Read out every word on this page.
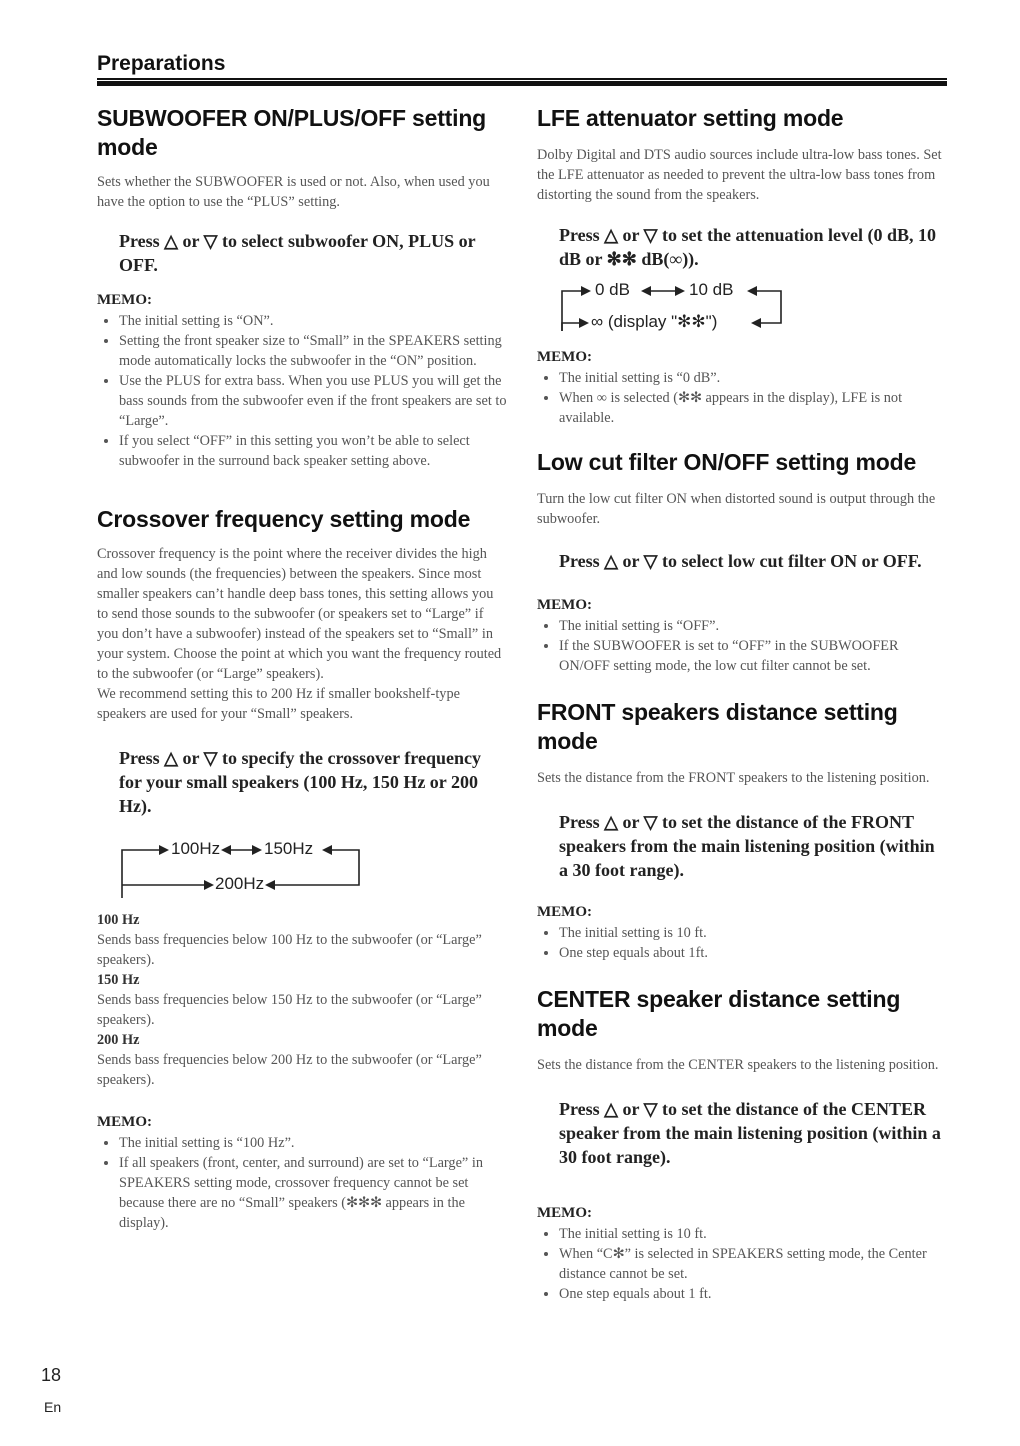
Preparations
SUBWOOFER ON/PLUS/OFF setting mode

Sets whether the SUBWOOFER is used or not. Also, when used you have the option to use the “PLUS” setting.

Press △ or ▽ to select subwoofer ON, PLUS or OFF.

MEMO:
• The initial setting is “ON”.
• Setting the front speaker size to “Small” in the SPEAKERS setting mode automatically locks the subwoofer in the “ON” position.
• Use the PLUS for extra bass. When you use PLUS you will get the bass sounds from the subwoofer even if the front speakers are set to “Large”.
• If you select “OFF” in this setting you won’t be able to select subwoofer in the surround back speaker setting above.
Crossover frequency setting mode

Crossover frequency is the point where the receiver divides the high and low sounds (the frequencies) between the speakers. Since most smaller speakers can’t handle deep bass tones, this setting allows you to send those sounds to the subwoofer (or speakers set to “Large” if you don’t have a subwoofer) instead of the speakers set to “Small” in your system. Choose the point at which you want the frequency routed to the subwoofer (or “Large” speakers).

We recommend setting this to 200 Hz if smaller bookshelf-type speakers are used for your “Small” speakers.

Press △ or ▽ to specify the crossover frequency for your small speakers (100 Hz, 150 Hz or 200 Hz).

100Hz	150Hz
200Hz
100 Hz

Sends bass frequencies below 100 Hz to the subwoofer (or “Large” speakers).

150 Hz

Sends bass frequencies below 150 Hz to the subwoofer (or “Large” speakers).

200 Hz

Sends bass frequencies below 200 Hz to the subwoofer (or “Large” speakers).

MEMO:
• The initial setting is “100 Hz”.
• If all speakers (front, center, and surround) are set to “Large” in SPEAKERS setting mode, crossover frequency cannot be set because there are no “Small” speakers (✻✻✻ appears in the display).
LFE attenuator setting mode

Dolby Digital and DTS audio sources include ultra-low bass tones. Set the LFE attenuator as needed to prevent the ultra-low bass tones from distorting the sound from the speakers.

Press △ or ▽ to set the attenuation level (0 dB, 10 dB or ✻✻ dB(∞)).

0 dB	10 dB
∞ (display "✻✻")
MEMO:
• The initial setting is “0 dB”.
• When ∞ is selected (✻✻ appears in the display), LFE is not available.
Low cut filter ON/OFF setting mode

Turn the low cut filter ON when distorted sound is output through the subwoofer.

Press △ or ▽ to select low cut filter ON or OFF.

MEMO:
• The initial setting is “OFF”.
• If the SUBWOOFER is set to “OFF” in the SUBWOOFER ON/OFF setting mode, the low cut filter cannot be set.
FRONT speakers distance setting mode

Sets the distance from the FRONT speakers to the listening position.

Press △ or ▽ to set the distance of the FRONT speakers from the main listening position (within a 30 foot range).

MEMO:
• The initial setting is 10 ft.
• One step equals about 1ft.
CENTER speaker distance setting mode

Sets the distance from the CENTER speakers to the listening position.

Press △ or ▽ to set the distance of the CENTER speaker from the main listening position (within a 30 foot range).

MEMO:
• The initial setting is 10 ft.
• When “C✻” is selected in SPEAKERS setting mode, the Center distance cannot be set.
• One step equals about 1 ft.
18
En
